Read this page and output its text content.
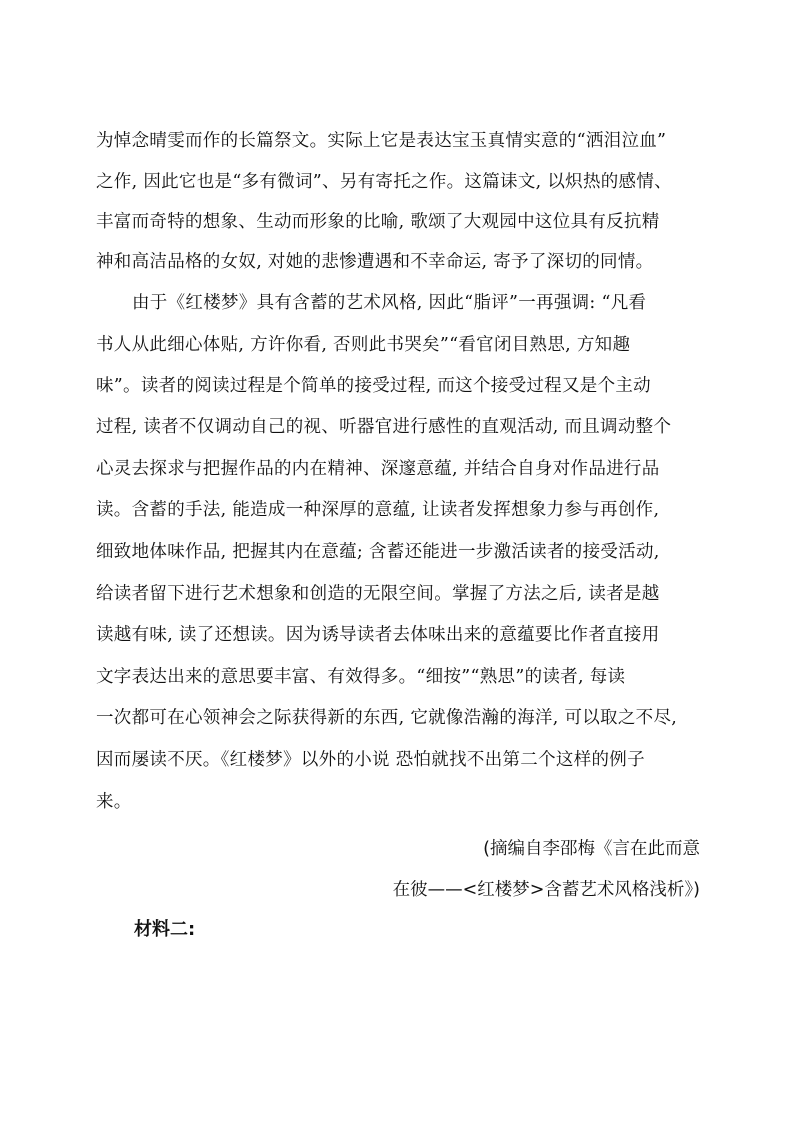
为悼念晴雯而作的长篇祭文。实际上它是表达宝玉真情实意的“洒泪泣血”
之作, 因此它也是“多有微词”、另有寄托之作。这篇诔文, 以炽热的感情、
丰富而奇特的想象、生动而形象的比喻, 歌颂了大观园中这位具有反抗精
神和高洁品格的女奴, 对她的悲惨遭遇和不幸命运, 寄予了深切的同情。
由于《红楼梦》具有含蓄的艺术风格, 因此“脂评”一再强调: “凡看
书人从此细心体贴, 方许你看, 否则此书哭矣”“看官闭目熟思, 方知趣
味”。读者的阅读过程是个简单的接受过程, 而这个接受过程又是个主动
过程, 读者不仅调动自己的视、听器官进行感性的直观活动, 而且调动整个
心灵去探求与把握作品的内在精神、深邃意蕴, 并结合自身对作品进行品
读。含蓄的手法, 能造成一种深厚的意蕴, 让读者发挥想象力参与再创作,
细致地体味作品, 把握其内在意蕴; 含蓄还能进一步激活读者的接受活动,
给读者留下进行艺术想象和创造的无限空间。掌握了方法之后, 读者是越
读越有味, 读了还想读。因为诱导读者去体味出来的意蕴要比作者直接用
文字表达出来的意思要丰富、有效得多。“细按”“熟思”的读者, 每读
一次都可在心领神会之际获得新的东西, 它就像浩瀚的海洋, 可以取之不尽,
因而屡读不厌。《红楼梦》以外的小说 恐怕就找不出第二个这样的例子
来。
(摘编自李邵梅《言在此而意
在彼——<红楼梦>含蓄艺术风格浅析》)
材料二:
